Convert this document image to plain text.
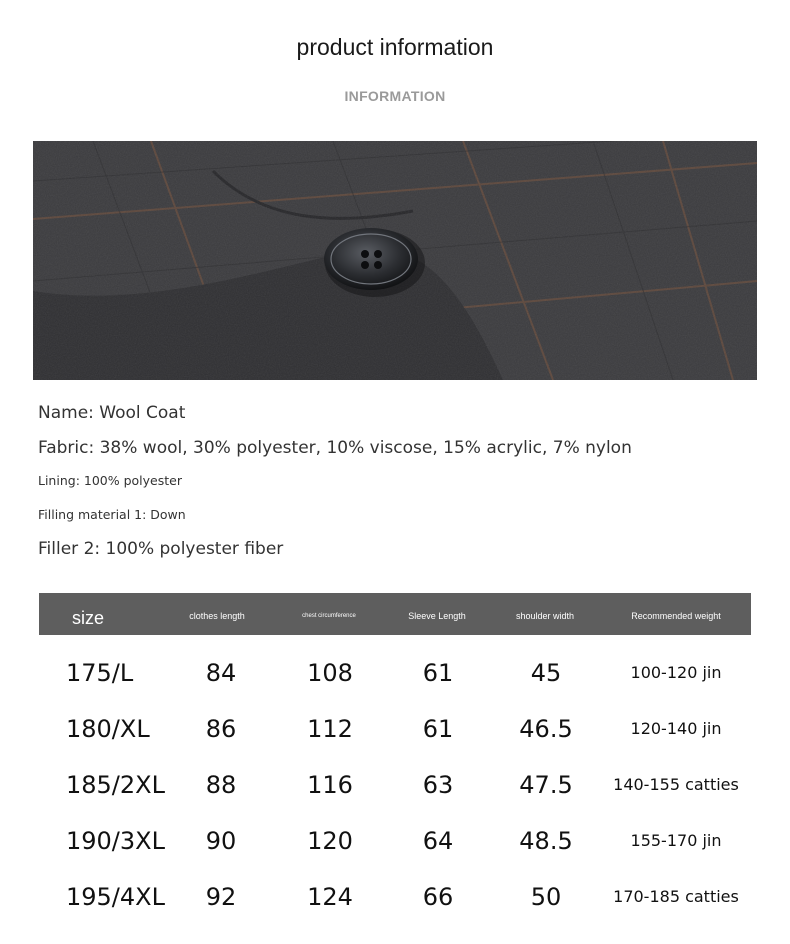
product information
INFORMATION
Name: Wool Coat
Fabric: 38% wool, 30% polyester, 10% viscose, 15% acrylic, 7% nylon
Lining: 100% polyester
Filling material 1: Down
Filler 2: 100% polyester fiber
size	clothes length	chest circumference	Sleeve Length	shoulder width	Recommended weight
175/L	84	108	61	45	100-120 jin
180/XL	86	112	61	46.5	120-140 jin
185/2XL	88	116	63	47.5	140-155 catties
190/3XL	90	120	64	48.5	155-170 jin
195/4XL	92	124	66	50	170-185 catties
